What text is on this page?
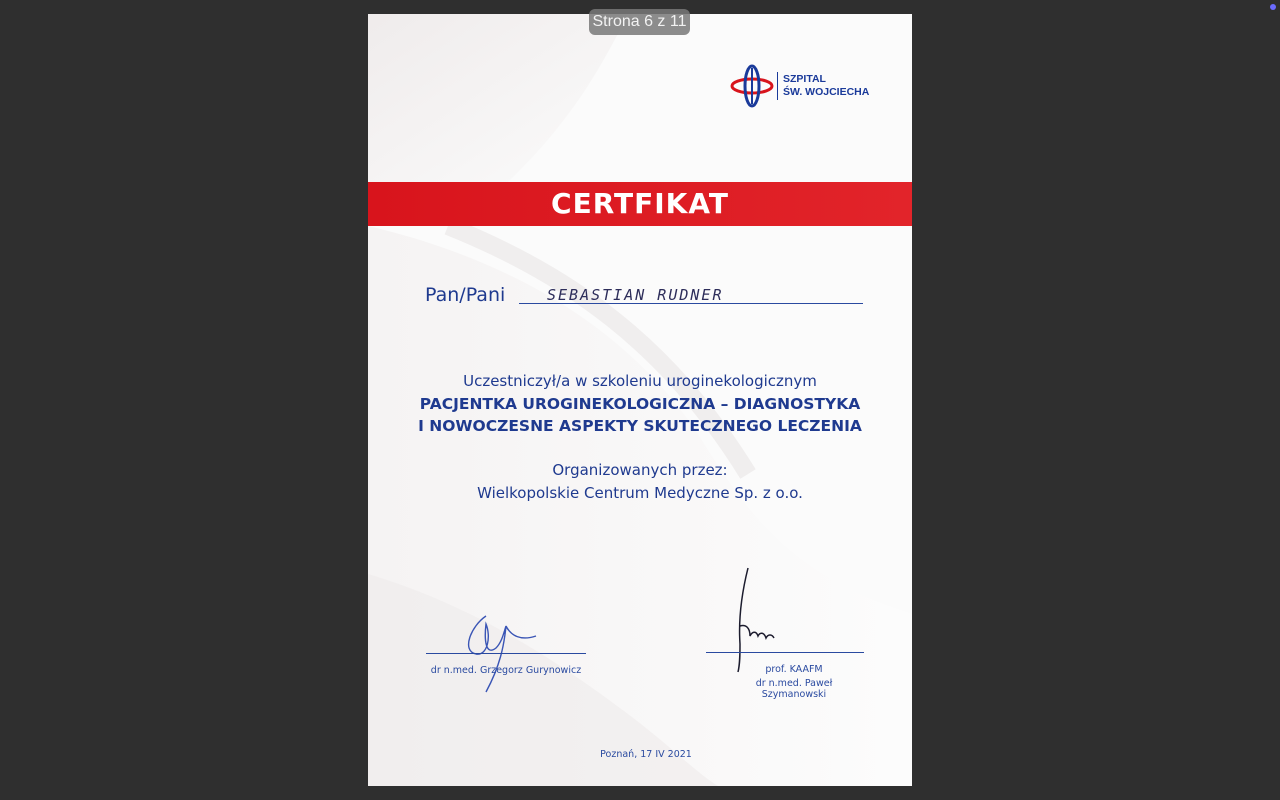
Strona 6 z 11
SZPITAL
ŚW. WOJCIECHA
CERTFIKAT
Pan/Pani	SEBASTIAN RUDNER
Uczestniczył/a w szkoleniu uroginekologicznym
PACJENTKA UROGINEKOLOGICZNA – DIAGNOSTYKA
I NOWOCZESNE ASPEKTY SKUTECZNEGO LECZENIA
Organizowanych przez:
Wielkopolskie Centrum Medyczne Sp. z o.o.
dr n.med. Grzegorz Gurynowicz	prof. KAAFM
dr n.med. Paweł Szymanowski
Poznań, 17 IV 2021
